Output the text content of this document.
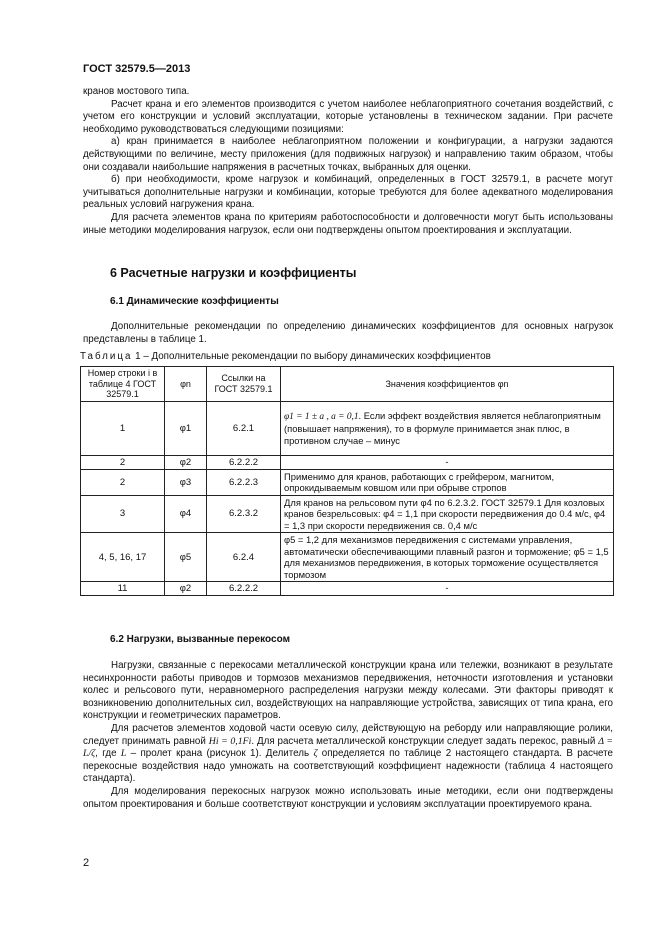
ГОСТ 32579.5—2013

кранов мостового типа.

Расчет крана и его элементов производится с учетом наиболее неблагоприятного сочетания воздействий, с учетом его конструкции и условий эксплуатации, которые установлены в техническом задании. При расчете необходимо руководствоваться следующими позициями:

а) кран принимается в наиболее неблагоприятном положении и конфигурации, а нагрузки задаются действующими по величине, месту приложения (для подвижных нагрузок) и направлению таким образом, чтобы они создавали наибольшие напряжения в расчетных точках, выбранных для оценки.

б) при необходимости, кроме нагрузок и комбинаций, определенных в ГОСТ 32579.1, в расчете могут учитываться дополнительные нагрузки и комбинации, которые требуются для более адекватного моделирования реальных условий нагружения крана.

Для расчета элементов крана по критериям работоспособности и долговечности могут быть использованы иные методики моделирования нагрузок, если они подтверждены опытом проектирования и эксплуатации.

6 Расчетные нагрузки и коэффициенты
6.1 Динамические коэффициенты

Дополнительные рекомендации по определению динамических коэффициентов для основных нагрузок представлены в таблице 1.

Таблица 1 – Дополнительные рекомендации по выбору динамических коэффициентов
Номер строки i в таблице 4 ГОСТ 32579.1	φn	Ссылки на ГОСТ 32579.1	Значения коэффициентов φn
1	φ1	6.2.1	φ1 = 1 ± a , a = 0,1. Если эффект воздействия является неблагоприятным (повышает напряжения), то в формуле принимается знак плюс, в противном случае – минус
2	φ2	6.2.2.2	-
2	φ3	6.2.2.3	Применимо для кранов, работающих с грейфером, магнитом, опрокидываемым ковшом или при обрыве стропов
3	φ4	6.2.3.2	Для кранов на рельсовом пути φ4 по 6.2.3.2. ГОСТ 32579.1 Для козловых кранов безрельсовых: φ4 = 1,1 при скорости передвижения до 0.4 м/с, φ4 = 1,3 при скорости передвижения св. 0,4 м/с
4, 5, 16, 17	φ5	6.2.4	φ5 = 1,2 для механизмов передвижения с системами управления, автоматически обеспечивающими плавный разгон и торможение; φ5 = 1,5 для механизмов передвижения, в которых торможение осуществляется тормозом
11	φ2	6.2.2.2	-
6.2 Нагрузки, вызванные перекосом

Нагрузки, связанные с перекосами металлической конструкции крана или тележки, возникают в результате несинхронности работы приводов и тормозов механизмов передвижения, неточности изготовления и установки колес и рельсового пути, неравномерного распределения нагрузки между колесами. Эти факторы приводят к возникновению дополнительных сил, воздействующих на направляющие устройства, зависящих от типа крана, его конструкции и геометрических параметров.

Для расчетов элементов ходовой части осевую силу, действующую на реборду или направляющие ролики, следует принимать равной Hi = 0,1Fi. Для расчета металлической конструкции следует задать перекос, равный Δ = L/ζ, где L – пролет крана (рисунок 1). Делитель ζ определяется по таблице 2 настоящего стандарта. В расчете перекосные воздействия надо умножать на соответствующий коэффициент надежности (таблица 4 настоящего стандарта).

Для моделирования перекосных нагрузок можно использовать иные методики, если они подтверждены опытом проектирования и больше соответствуют конструкции и условиям эксплуатации проектируемого крана.

2
